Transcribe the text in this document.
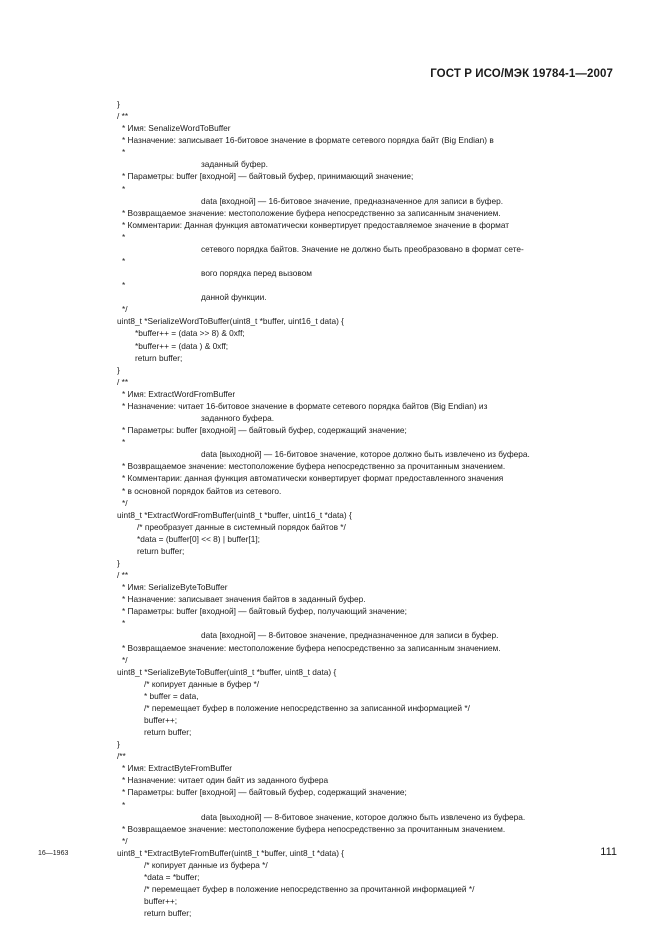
ГОСТ Р ИСО/МЭК 19784-1—2007
}
/ **
* Имя: SenalizeWordToBuffer
* Назначение: записывает 16-битовое значение в формате сетевого порядка байт (Big Endian) в
*
заданный буфер.
* Параметры: buffer [входной] — байтовый буфер, принимающий значение;
*
data [входной] — 16-битовое значение, предназначенное для записи в буфер.
* Возвращаемое значение: местоположение буфера непосредственно за записанным значением.
* Комментарии: Данная функция автоматически конвертирует предоставляемое значение в формат
*
сетевого порядка байтов. Значение не должно быть преобразовано в формат сете-
*
вого порядка перед вызовом
*
данной функции.
*/
uint8_t *SerializeWordToBuffer(uint8_t *buffer, uint16_t data) {
*buffer++ = (data >> 8) & 0xff;
*buffer++ = (data ) & 0xff;
return buffer;
}
/ **
* Имя: ExtractWordFromBuffer
* Назначение: читает 16-битовое значение в формате сетевого порядка байтов (Big Endian) из
заданного буфера.
* Параметры: buffer [входной] — байтовый буфер, содержащий значение;
*
data [выходной] — 16-битовое значение, которое должно быть извлечено из буфера.
* Возвращаемое значение: местоположение буфера непосредственно за прочитанным значением.
* Комментарии: данная функция автоматически конвертирует формат предоставленного значения
* в основной порядок байтов из сетевого.
*/
uint8_t *ExtractWordFromBuffer(uint8_t *buffer, uint16_t *data) {
/* преобразует данные в системный порядок байтов */
*data = (buffer[0] << 8) | buffer[1];
return buffer;
}
/ **
* Имя: SerializeByteToBuffer
* Назначение: записывает значения байтов в заданный буфер.
* Параметры: buffer [входной] — байтовый буфер, получающий значение;
*
data [входной] — 8-битовое значение, предназначенное для записи в буфер.
* Возвращаемое значение: местоположение буфера непосредственно за записанным значением.
*/
uint8_t *SerializeByteToBuffer(uint8_t *buffer, uint8_t data) {
/* копирует данные в буфер */
* buffer = data,
/* перемещает буфер в положение непосредственно за записанной информацией */
buffer++;
return buffer;
}
/**
* Имя: ExtractByteFromBuffer
* Назначение: читает один байт из заданного буфера
* Параметры: buffer [входной] — байтовый буфер, содержащий значение;
*
data [выходной] — 8-битовое значение, которое должно быть извлечено из буфера.
* Возвращаемое значение: местоположение буфера непосредственно за прочитанным значением.
*/
uint8_t *ExtractByteFromBuffer(uint8_t *buffer, uint8_t *data) {
/* копирует данные из буфера */
*data = *buffer;
/* перемещает буфер в положение непосредственно за прочитанной информацией */
buffer++;
return buffer;
16—1963	111
